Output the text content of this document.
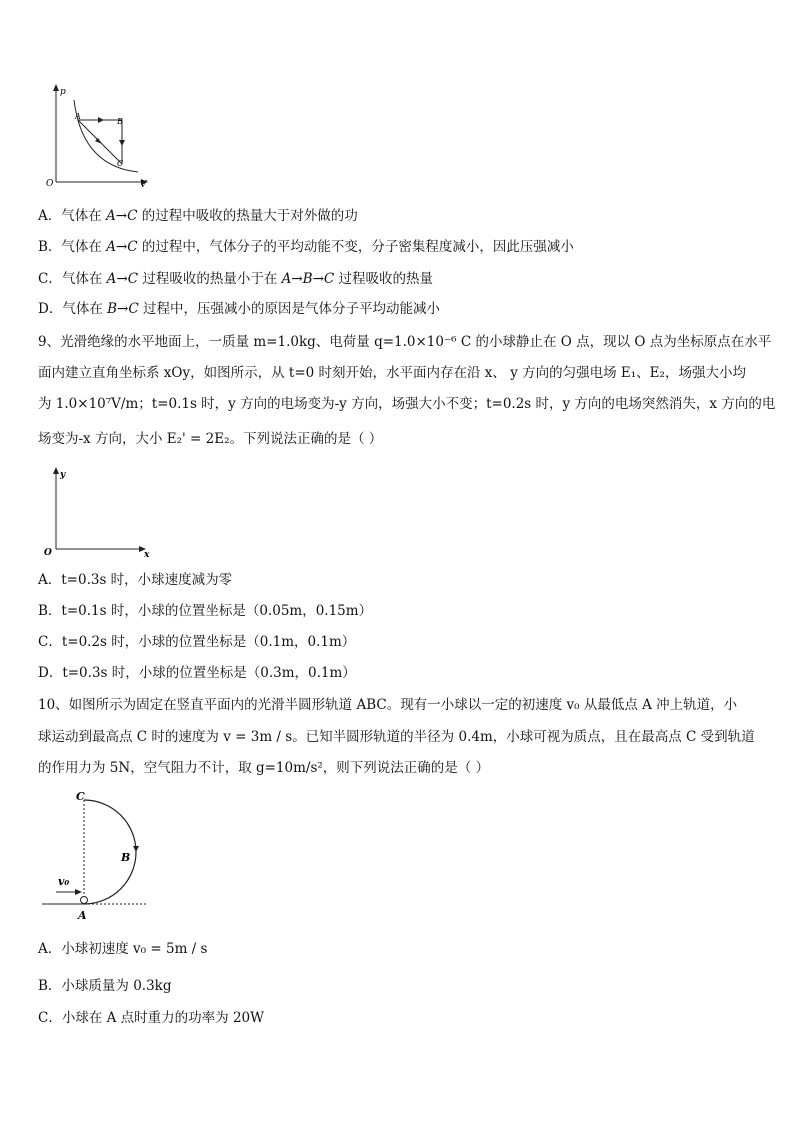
p
O	V
A
B
C
A．气体在 A→C 的过程中吸收的热量大于对外做的功
B．气体在 A→C 的过程中，气体分子的平均动能不变，分子密集程度减小，因此压强减小
C．气体在 A→C 过程吸收的热量小于在 A→B→C 过程吸收的热量
D．气体在 B→C 过程中，压强减小的原因是气体分子平均动能减小
9、光滑绝缘的水平地面上，一质量 m=1.0kg、电荷量 q=1.0×10⁻⁶ C 的小球静止在 O 点，现以 O 点为坐标原点在水平
面内建立直角坐标系 xOy，如图所示，从 t=0 时刻开始，水平面内存在沿 x、 y 方向的匀强电场 E₁、E₂，场强大小均
为 1.0×10⁷V/m；t=0.1s 时，y 方向的电场变为-y 方向，场强大小不变；t=0.2s 时，y 方向的电场突然消失，x 方向的电
场变为-x 方向，大小 E₂' = 2E₂。下列说法正确的是（ ）
y
O	x
A．t=0.3s 时，小球速度减为零
B．t=0.1s 时，小球的位置坐标是（0.05m，0.15m）
C．t=0.2s 时，小球的位置坐标是（0.1m，0.1m）
D．t=0.3s 时，小球的位置坐标是（0.3m，0.1m）
10、如图所示为固定在竖直平面内的光滑半圆形轨道 ABC。现有一小球以一定的初速度 v₀ 从最低点 A 冲上轨道，小
球运动到最高点 C 时的速度为 v = 3m / s。已知半圆形轨道的半径为 0.4m，小球可视为质点，且在最高点 C 受到轨道
的作用力为 5N，空气阻力不计，取 g=10m/s²，则下列说法正确的是（ ）
C
B
A
v₀
A．小球初速度 v₀ = 5m / s
B．小球质量为 0.3kg
C．小球在 A 点时重力的功率为 20W
